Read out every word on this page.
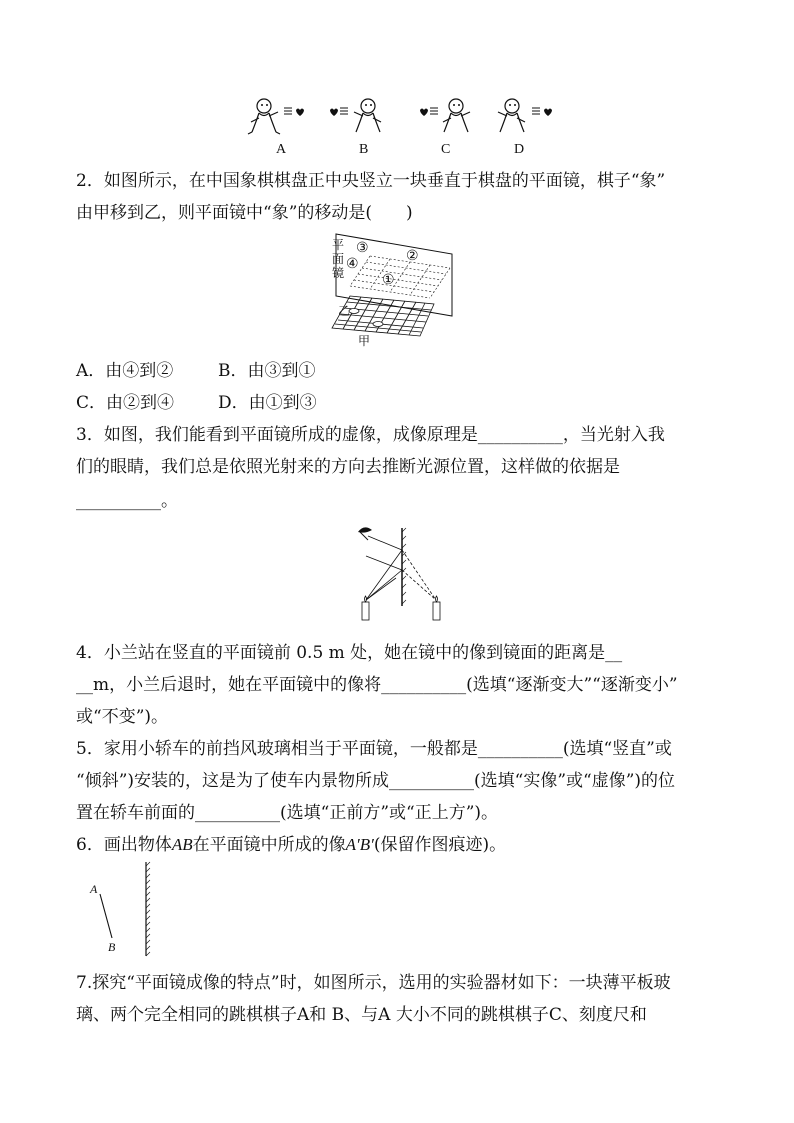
A	B	C	D
2．如图所示，在中国象棋棋盘正中央竖立一块垂直于棋盘的平面镜，棋子“象”
由甲移到乙，则平面镜中“象”的移动是(　　)
平
面
镜
③	②
④
①
乙
甲
A．由④到②	B．由③到①
C．由②到④	D．由①到③
3．如图，我们能看到平面镜所成的虚像，成像原理是__________，当光射入我
们的眼睛，我们总是依照光射来的方向去推断光源位置，这样做的依据是
__________。
4．小兰站在竖直的平面镜前 0.5 m 处，她在镜中的像到镜面的距离是__
__m，小兰后退时，她在平面镜中的像将__________(选填“逐渐变大”“逐渐变小”
或“不变”)。
5．家用小轿车的前挡风玻璃相当于平面镜，一般都是__________(选填“竖直”或
“倾斜”)安装的，这是为了使车内景物所成__________(选填“实像”或“虚像”)的位
置在轿车前面的__________(选填“正前方”或“正上方”)。
6．画出物体AB在平面镜中所成的像A′B′(保留作图痕迹)。
A
B
7.探究“平面镜成像的特点”时，如图所示，选用的实验器材如下：一块薄平板玻
璃、两个完全相同的跳棋棋子A和 B、与A 大小不同的跳棋棋子C、刻度尺和
